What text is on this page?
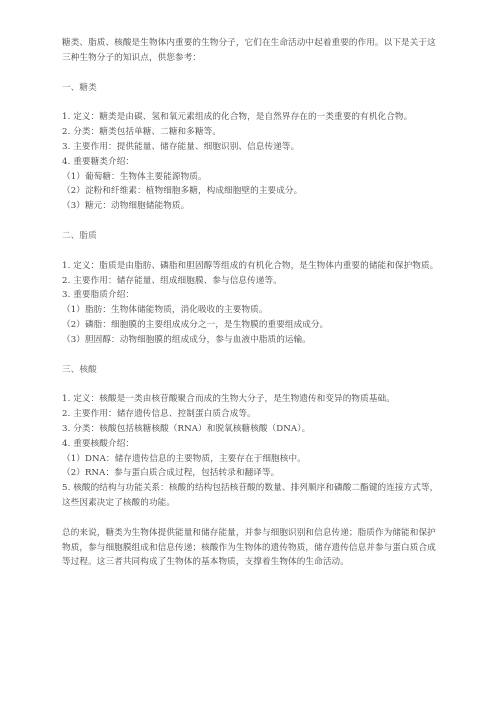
糖类、脂质、核酸是生物体内重要的生物分子，它们在生命活动中起着重要的作用。以下是关于这三种生物分子的知识点，供您参考：

一、糖类

1. 定义：糖类是由碳、氢和氧元素组成的化合物，是自然界存在的一类重要的有机化合物。

2. 分类：糖类包括单糖、二糖和多糖等。

3. 主要作用：提供能量、储存能量、细胞识别、信息传递等。

4. 重要糖类介绍：

（1）葡萄糖：生物体主要能源物质。

（2）淀粉和纤维素：植物细胞多糖，构成细胞壁的主要成分。

（3）糖元：动物细胞储能物质。

二、脂质

1. 定义：脂质是由脂肪、磷脂和胆固醇等组成的有机化合物，是生物体内重要的储能和保护物质。

2. 主要作用：储存能量、组成细胞膜、参与信息传递等。

3. 重要脂质介绍：

（1）脂肪：生物体储能物质，消化吸收的主要物质。

（2）磷脂：细胞膜的主要组成成分之一，是生物膜的重要组成成分。

（3）胆固醇：动物细胞膜的组成成分，参与血液中脂质的运输。

三、核酸

1. 定义：核酸是一类由核苷酸聚合而成的生物大分子，是生物遗传和变异的物质基础。

2. 主要作用：储存遗传信息、控制蛋白质合成等。

3. 分类：核酸包括核糖核酸（RNA）和脱氧核糖核酸（DNA）。

4. 重要核酸介绍：

（1）DNA：储存遗传信息的主要物质，主要存在于细胞核中。

（2）RNA：参与蛋白质合成过程，包括转录和翻译等。

5. 核酸的结构与功能关系：核酸的结构包括核苷酸的数量、排列顺序和磷酸二酯键的连接方式等，这些因素决定了核酸的功能。

总的来说，糖类为生物体提供能量和储存能量，并参与细胞识别和信息传递；脂质作为储能和保护物质，参与细胞膜组成和信息传递；核酸作为生物体的遗传物质，储存遗传信息并参与蛋白质合成等过程。这三者共同构成了生物体的基本物质，支撑着生物体的生命活动。
